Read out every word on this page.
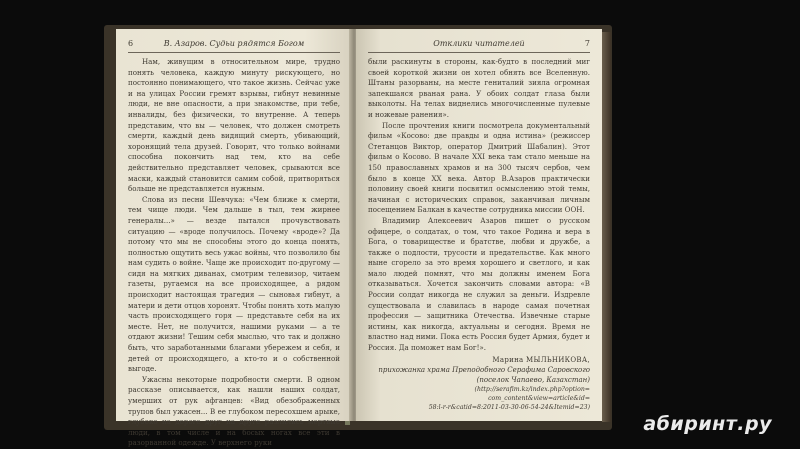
6	В. Азаров. Судьи рядятся Богом

Нам, живущим в относительном мире, трудно понять человека, каждую минуту рискующего, но постоянно понимающего, что такое жизнь. Сейчас уже и на улицах России гремят взрывы, гибнут невинные люди, не вне опасности, а при знакомстве, при тебе, инвалиды, без физически, то внутренне. А теперь представим, что вы — человек, что должен смотреть смерти, каждый день видящий смерть, убивающий, хоронящий тела друзей. Говорят, что только войнами способна покончить над тем, кто на себе действительно представляет человек, срываются все маски, каждый становится самим собой, притворяться больше не представляется нужным.

Слова из песни Шевчука: «Чем ближе к смерти, тем чище люди. Чем дальше в тыл, тем жирнее генералы...» — везде пытался прочувствовать ситуацию — «вроде получилось. Почему «вроде»? Да потому что мы не способны этого до конца понять, полностью ощутить весь ужас войны, что позволило бы нам судить о войне. Чаще же происходит по-другому — сидя на мягких диванах, смотрим телевизор, читаем газеты, ругаемся на все происходящее, а рядом происходит настоящая трагедия — сыновья гибнут, а матери и дети отцов хоронят. Чтобы понять хоть малую часть происходящего горя — представьте себя на их месте. Нет, не получится, нашими руками — а те отдают жизни! Тешим себя мыслью, что так и должно быть, что заработанными благами убережем и себя, и детей от происходящего, а кто-то и о собственной выгоде.

Ужасны некоторые подробности смерти. В одном рассказе описывается, как нашли наших солдат, умерших от рук афганцев: «Вид обезображенных трупов был ужасен... В ее глубоком пересохшем арыке, глубоко на дороге друг на друге разлились мертвые люди, в том числе и на босых ногах все эти в разорванной одежде. У верхнего руки

Отклики читателей	7

были раскинуты в стороны, как-будто в последний миг своей короткой жизни он хотел обнять все Вселенную. Штаны разорваны, на месте гениталий зияла огромная запекшаяся рваная рана. У обоих солдат глаза были выколоты. На телах виднелись многочисленные пулевые и ножевые ранения».

После прочтения книги посмотрела документальный фильм «Косово: две правды и одна истина» (режиссер Стетанцов Виктор, оператор Дмитрий Шабалин). Этот фильм о Косово. В начале XXI века там стало меньше на 150 православных храмов и на 300 тысяч сербов, чем было в конце XX века. Автор В.Азаров практически половину своей книги посвятил осмыслению этой темы, начиная с исторических справок, заканчивая личным посещением Балкан в качестве сотрудника миссии ООН.

Владимир Алексеевич Азаров пишет о русском офицере, о солдатах, о том, что такое Родина и вера в Бога, о товариществе и братстве, любви и дружбе, а также о подлости, трусости и предательстве. Как много ныне сгорело за это время хорошего и светлого, и как мало людей помнят, что мы должны именем Бога отказываться. Хочется закончить словами автора: «В России солдат никогда не служил за деньги. Издревле существовала и славилась в народе самая почетная профессия — защитника Отечества. Извечные старые истины, как никогда, актуальны и сегодня. Время не властно над ними. Пока есть Россия будет Армия, будет и Россия. Да поможет нам Бог!».

Марина МЫЛЬНИКОВА,
прихожанка храма Преподобного Серафима Саровского
(поселок Чапаево, Казахстан)
(http://serafim.kz/index.php?option=
com_content&view=article&id=
58:l-r-r&catid=8:2011-03-30-06-54-24&Itemid=23)
абиринт.ру
